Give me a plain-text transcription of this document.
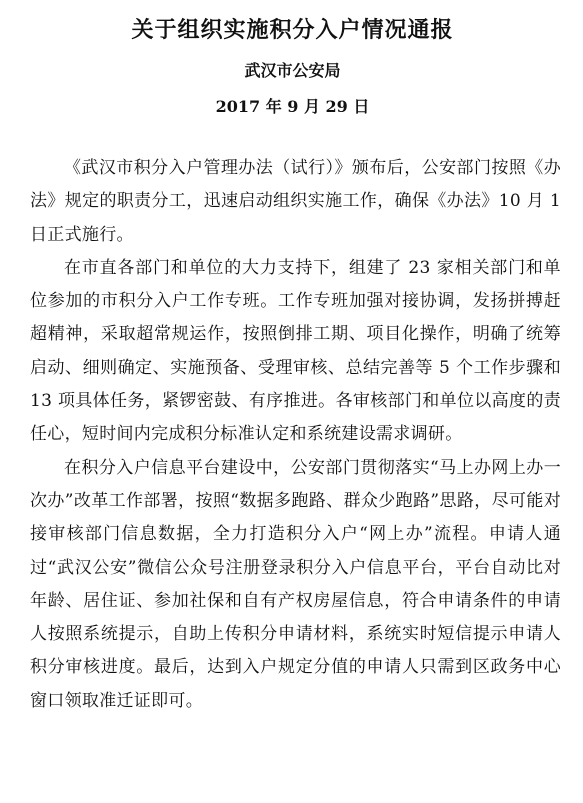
关于组织实施积分入户情况通报
武汉市公安局
2017 年 9 月 29 日

《武汉市积分入户管理办法（试行）》颁布后，公安部门按照《办法》规定的职责分工，迅速启动组织实施工作，确保《办法》10 月 1 日正式施行。

在市直各部门和单位的大力支持下，组建了 23 家相关部门和单位参加的市积分入户工作专班。工作专班加强对接协调，发扬拼搏赶超精神，采取超常规运作，按照倒排工期、项目化操作，明确了统筹启动、细则确定、实施预备、受理审核、总结完善等 5 个工作步骤和 13 项具体任务，紧锣密鼓、有序推进。各审核部门和单位以高度的责任心，短时间内完成积分标准认定和系统建设需求调研。

在积分入户信息平台建设中，公安部门贯彻落实“马上办网上办一次办”改革工作部署，按照“数据多跑路、群众少跑路”思路，尽可能对接审核部门信息数据，全力打造积分入户“网上办”流程。申请人通过“武汉公安”微信公众号注册登录积分入户信息平台，平台自动比对年龄、居住证、参加社保和自有产权房屋信息，符合申请条件的申请人按照系统提示，自助上传积分申请材料，系统实时短信提示申请人积分审核进度。最后，达到入户规定分值的申请人只需到区政务中心窗口领取准迁证即可。
